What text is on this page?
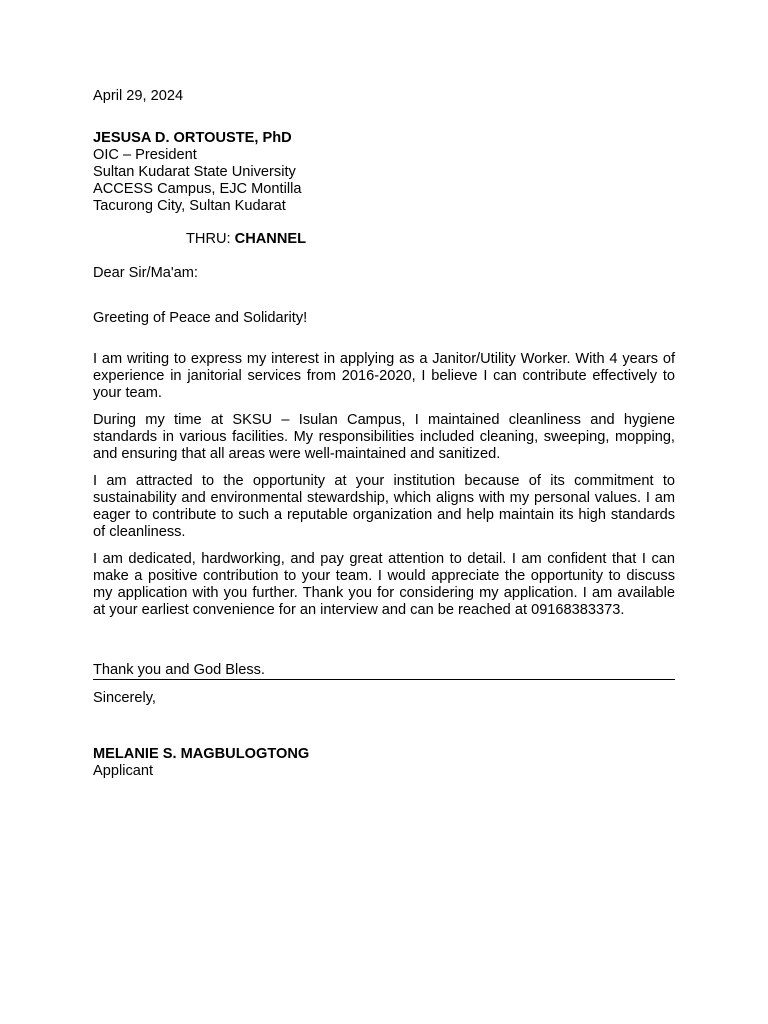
April 29, 2024
JESUSA D. ORTOUSTE, PhD
OIC – President
Sultan Kudarat State University
ACCESS Campus, EJC Montilla
Tacurong City, Sultan Kudarat
THRU: CHANNEL
Dear Sir/Ma'am:
Greeting of Peace and Solidarity!

I am writing to express my interest in applying as a Janitor/Utility Worker. With 4 years of experience in janitorial services from 2016-2020, I believe I can contribute effectively to your team.

During my time at SKSU – Isulan Campus, I maintained cleanliness and hygiene standards in various facilities. My responsibilities included cleaning, sweeping, mopping, and ensuring that all areas were well-maintained and sanitized.

I am attracted to the opportunity at your institution because of its commitment to sustainability and environmental stewardship, which aligns with my personal values. I am eager to contribute to such a reputable organization and help maintain its high standards of cleanliness.

I am dedicated, hardworking, and pay great attention to detail. I am confident that I can make a positive contribution to your team. I would appreciate the opportunity to discuss my application with you further. Thank you for considering my application. I am available at your earliest convenience for an interview and can be reached at 09168383373.

Thank you and God Bless.
Sincerely,
MELANIE S. MAGBULOGTONG
Applicant
